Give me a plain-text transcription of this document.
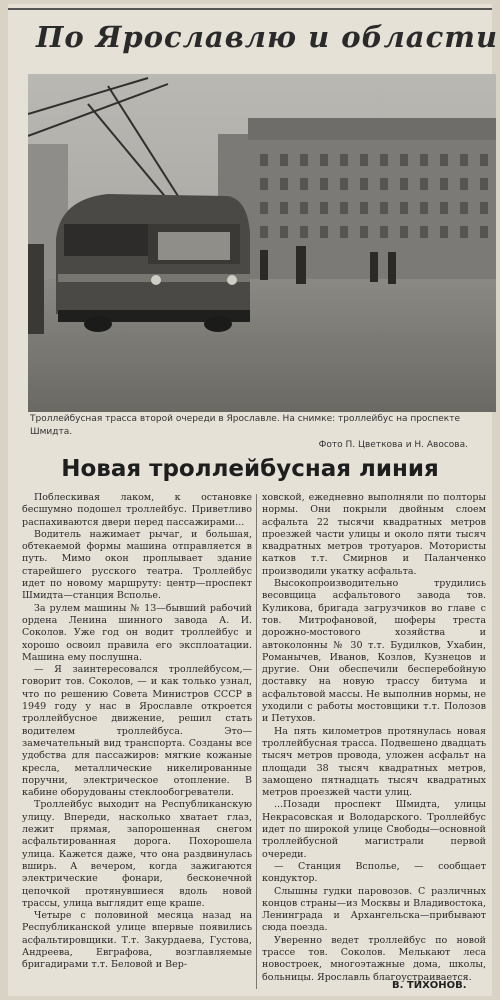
По Ярославлю и области
Троллейбусная трасса второй очереди в Ярославле. На снимке: троллейбус на проспекте Шмидта.
Фото П. Цветкова и Н. Авосова.
Новая троллейбусная линия

Поблескивая лаком, к остановке бесшумно подошел троллейбус. Приветливо распахиваются двери перед пассажирами...

Водитель нажимает рычаг, и большая, обтекаемой формы машина отправляется в путь. Мимо окон проплывает здание старейшего русского театра. Троллейбус идет по новому маршруту: центр—проспект Шмидта—станция Всполье.

За рулем машины № 13—бывший рабочий ордена Ленина шинного завода А. И. Соколов. Уже год он водит троллейбус и хорошо освоил правила его эксплоатации. Машина ему послушна.

— Я заинтересовался троллейбусом,—говорит тов. Соколов, — и как только узнал, что по решению Совета Министров СССР в 1949 году у нас в Ярославле откроется троллейбусное движение, решил стать водителем троллейбуса. Это—замечательный вид транспорта. Созданы все удобства для пассажиров: мягкие кожаные кресла, металлические никелированные поручни, электрическое отопление. В кабине оборудованы стеклообогреватели.

Троллейбус выходит на Республиканскую улицу. Впереди, насколько хватает глаз, лежит прямая, запорошенная снегом асфальтированная дорога. Похорошела улица. Кажется даже, что она раздвинулась вширь. А вечером, когда зажигаются электрические фонари, бесконечной цепочкой протянувшиеся вдоль новой трассы, улица выглядит еще краше.

Четыре с половиной месяца назад на Республиканской улице впервые появились асфальтировщики. Т.т. Закурдаева, Густова, Андреева, Евграфова, возглавляемые бригадирами т.т. Беловой и Вер-

ховской, ежедневно выполняли по полторы нормы. Они покрыли двойным слоем асфальта 22 тысячи квадратных метров проезжей части улицы и около пяти тысяч квадратных метров тротуаров. Мотористы катков т.т. Смирнов и Паланченко производили укатку асфальта.

Высокопроизводительно трудились весовщица асфальтового завода тов. Куликова, бригада загрузчиков во главе с тов. Митрофановой, шоферы треста дорожно-мостового хозяйства и автоколонны № 30 т.т. Будилков, Ухабин, Романычев, Иванов, Козлов, Кузнецов и другие. Они обеспечили бесперебойную доставку на новую трассу битума и асфальтовой массы. Не выполнив нормы, не уходили с работы мостовщики т.т. Полозов и Петухов.

На пять километров протянулась новая троллейбусная трасса. Подвешено двадцать тысяч метров провода, уложен асфальт на площади 38 тысяч квадратных метров, замощено пятнадцать тысяч квадратных метров проезжей части улиц.

...Позади проспект Шмидта, улицы Некрасовская и Володарского. Троллейбус идет по широкой улице Свободы—основной троллейбусной магистрали первой очереди.

— Станция Всполье, — сообщает кондуктор.

Слышны гудки паровозов. С различных концов страны—из Москвы и Владивостока, Ленинграда и Архангельска—прибывают сюда поезда.

Уверенно ведет троллейбус по новой трассе тов. Соколов. Мелькают леса новостроек, многоэтажные дома, школы, больницы. Ярославль благоустраивается.

В. ТИХОНОВ.
